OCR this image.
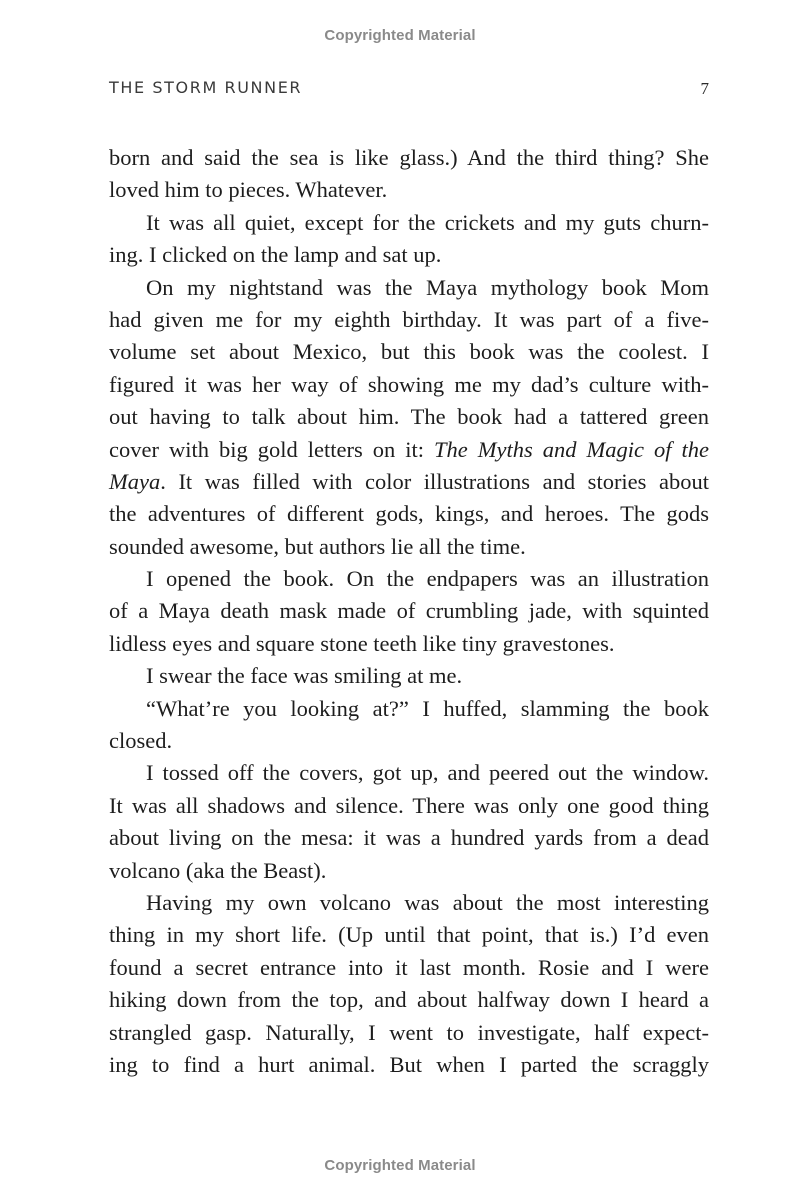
Copyrighted Material
THE STORM RUNNER	7
born and said the sea is like glass.) And the third thing? She
loved him to pieces. Whatever.
It was all quiet, except for the crickets and my guts churn-
ing. I clicked on the lamp and sat up.
On my nightstand was the Maya mythology book Mom
had given me for my eighth birthday. It was part of a five-
volume set about Mexico, but this book was the coolest. I
figured it was her way of showing me my dad’s culture with-
out having to talk about him. The book had a tattered green
cover with big gold letters on it: The Myths and Magic of the
Maya. It was filled with color illustrations and stories about
the adventures of different gods, kings, and heroes. The gods
sounded awesome, but authors lie all the time.
I opened the book. On the endpapers was an illustration
of a Maya death mask made of crumbling jade, with squinted
lidless eyes and square stone teeth like tiny gravestones.
I swear the face was smiling at me.
“What’re you looking at?” I huffed, slamming the book
closed.
I tossed off the covers, got up, and peered out the window.
It was all shadows and silence. There was only one good thing
about living on the mesa: it was a hundred yards from a dead
volcano (aka the Beast).
Having my own volcano was about the most interesting
thing in my short life. (Up until that point, that is.) I’d even
found a secret entrance into it last month. Rosie and I were
hiking down from the top, and about halfway down I heard a
strangled gasp. Naturally, I went to investigate, half expect-
ing to find a hurt animal. But when I parted the scraggly
Copyrighted Material
